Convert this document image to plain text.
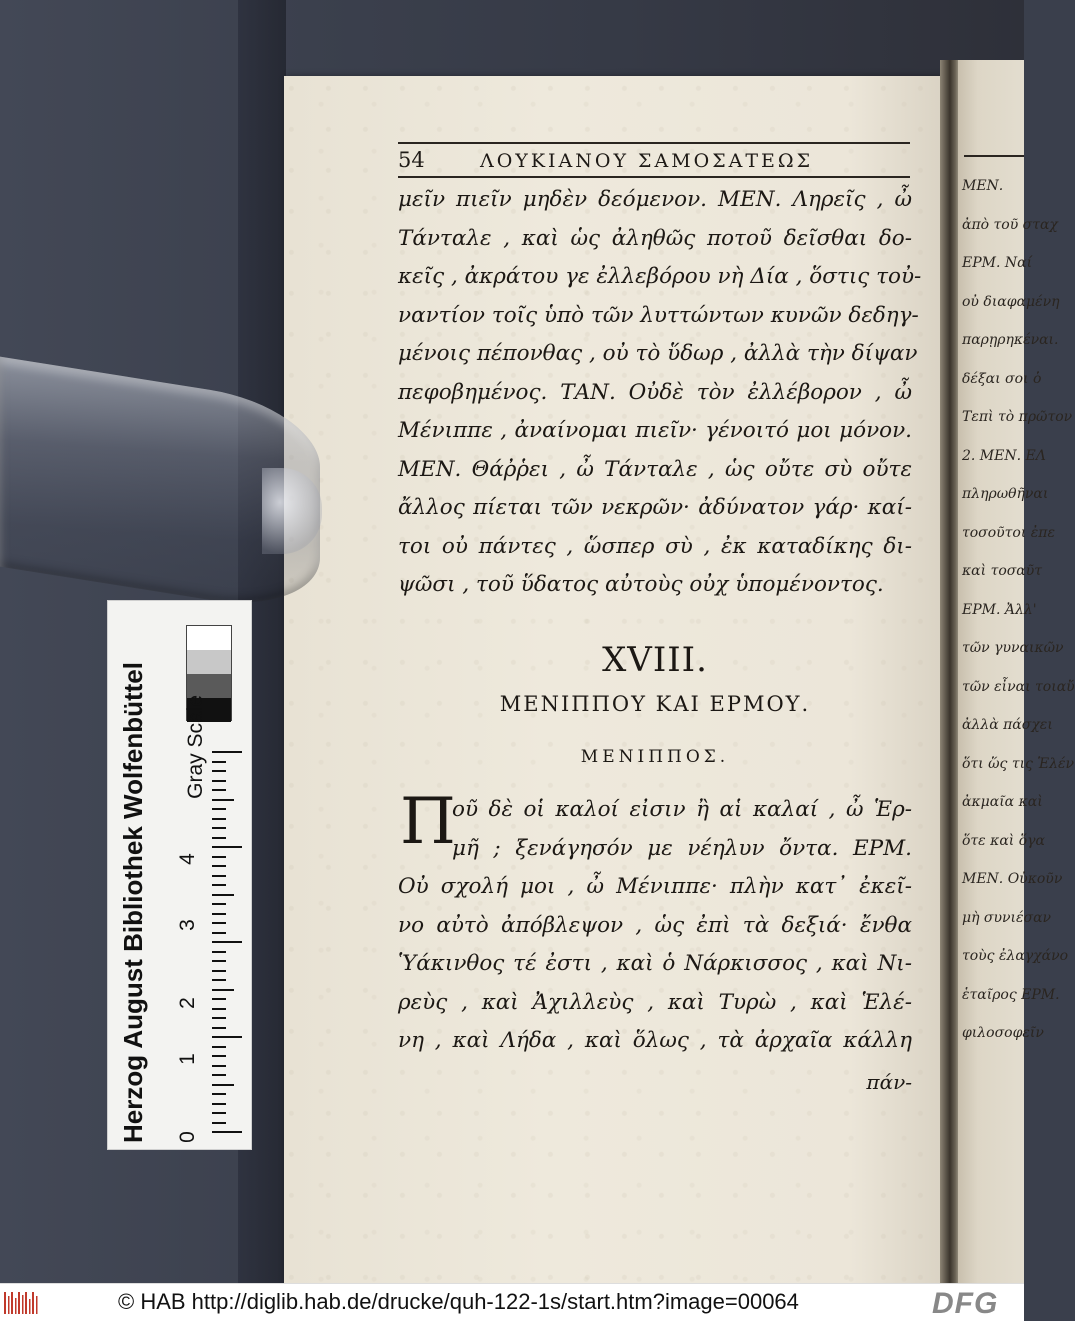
ΜΕΝ.
ἀπὸ τοῦ σταχ
ΕΡΜ. Ναί
οὐ διαφαμένη
παρῃρηκέναι.
δέξαι σοι ὁ
Τεπὶ τὸ πρῶτον
2. ΜΕΝ. ΕΛ
πληρωθῆναι
τοσοῦτοι ἐπε
καὶ τοσαῦτ
ΕΡΜ. Ἀλλ'
τῶν γυναικῶν
τῶν εἶναι τοιαὔ
ἀλλὰ πάσχει
ὅτι ὥς τις Ἑλέν
ἀκμαῖα καὶ
ὅτε καὶ ὅγα
ΜΕΝ. Οὐκοῦν
μὴ συνιέσαν
τοὺς ἐλαγχάνο
ἑταῖρος ΕΡΜ.
φιλοσοφεῖν
54	ΛΟΥΚΙΑΝΟΥ ΣΑΜΟΣΑΤΕΩΣ
μεῖν πιεῖν μηδὲν δεόμενον. ΜΕΝ. Ληρεῖς , ὦ
Τάνταλε , καὶ ὡς ἀληθῶς ποτοῦ δεῖσθαι δο-
κεῖς , ἀκράτου γε ἐλλεβόρου νὴ Δία , ὅστις τοὐ-
ναντίον τοῖς ὑπὸ τῶν λυττώντων κυνῶν δεδηγ-
μένοις πέπονθας , οὐ τὸ ὕδωρ , ἀλλὰ τὴν δίψαν
πεφοβημένος. ΤΑΝ. Οὐδὲ τὸν ἐλλέβορον , ὦ
Μένιππε , ἀναίνομαι πιεῖν· γένοιτό μοι μόνον.
ΜΕΝ. Θάῤῥει , ὦ Τάνταλε , ὡς οὔτε σὺ οὔτε
ἄλλος πίεται τῶν νεκρῶν· ἀδύνατον γάρ· καί-
τοι οὐ πάντες , ὥσπερ σὺ , ἐκ καταδίκης δι-
ψῶσι , τοῦ ὕδατος αὐτοὺς οὐχ ὑπομένοντος.
XVIII.
ΜΕΝΙΠΠΟΥ ΚΑΙ ΕΡΜΟΥ.
ΜΕΝΙΠΠΟΣ.
Π
οῦ δὲ οἱ καλοί εἰσιν ἢ αἱ καλαί , ὦ Ἑρ-
μῆ ; ξενάγησόν με νέηλυν ὄντα. ΕΡΜ.
Οὐ σχολή μοι , ὦ Μένιππε· πλὴν κατ᾽ ἐκεῖ-
νο αὐτὸ ἀπόβλεψον , ὡς ἐπὶ τὰ δεξιά· ἔνθα
Ὑάκινθος τέ ἐστι , καὶ ὁ Νάρκισσος , καὶ Νι-
ρεὺς , καὶ Ἀχιλλεὺς , καὶ Τυρὼ , καὶ Ἑλέ-
νη , καὶ Λήδα , καὶ ὅλως , τὰ ἀρχαῖα κάλλη
πάν-
Herzog August Bibliothek Wolfenbüttel	Gray Scale
0
1
2
3
4
© HAB http://diglib.hab.de/drucke/quh-122-1s/start.htm?image=00064	DFG
